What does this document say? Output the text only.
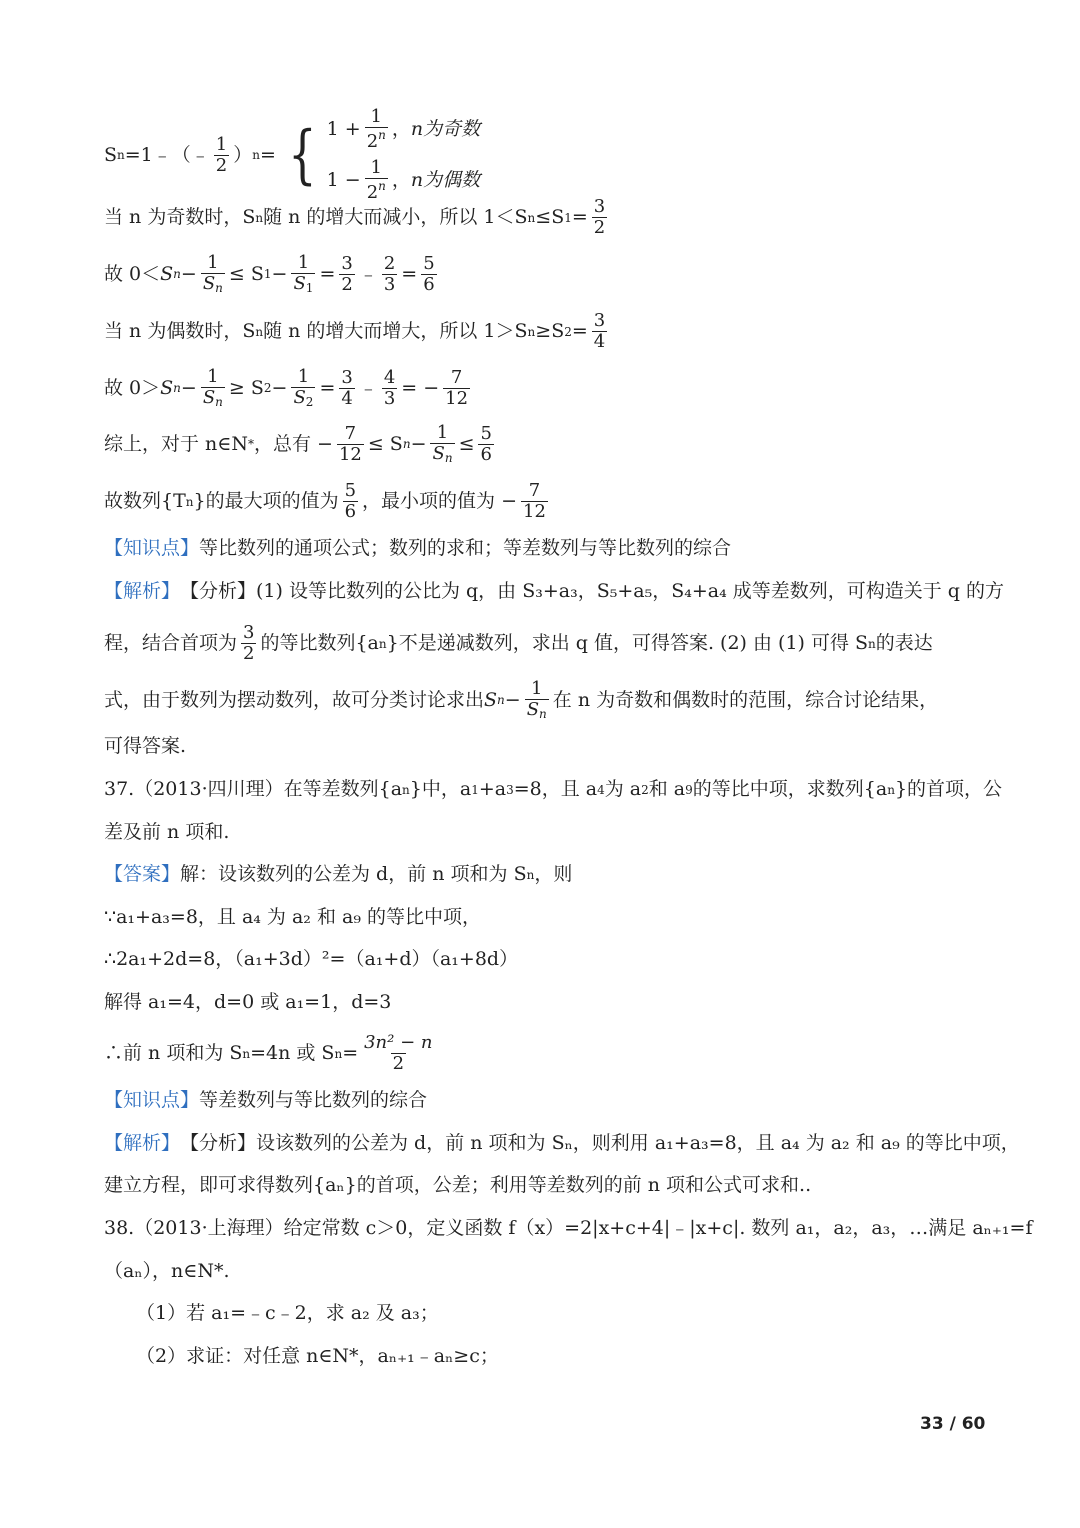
S n =1﹣（﹣ $\frac{1}{2}$ ） n = { $1 + \frac{1}{2^n}$ ， n为奇数
$1 - \frac{1}{2^n}$ ， n为偶数
当 n 为奇数时，S n 随 n 的增大而减小，所以 1＜S n ≤S $1 = \frac{3}{2}$
故 0＜ S $n - \frac{1}{S_n} \le S$ $1 - \frac{1}{S_1} = \frac{3}{2}$ ﹣ $\frac{2}{3} = \frac{5}{6}$
当 n 为偶数时，S n 随 n 的增大而增大，所以 1＞S n ≥S $2 = \frac{3}{4}$
故 0＞ S $n - \frac{1}{S_n} \ge S$ $2 - \frac{1}{S_2} = \frac{3}{4}$ ﹣ $\frac{4}{3}$ = − $\frac{7}{12}$
综上，对于 n∈N * ，总有 − $\frac{7}{12} \le S$ $n - \frac{1}{S_n} \le \frac{5}{6}$
故数列{T n }的最大项的值为 $\frac{5}{6}$ ，最小项的值为 − $\frac{7}{12}$
【知识点】 等比数列的通项公式；数列的求和；等差数列与等比数列的综合
【解析】 【分析】(1) 设等比数列的公比为 q，由 S₃+a₃，S₅+a₅，S₄+a₄ 成等差数列，可构造关于 q 的方
程，结合首项为 $\frac{3}{2}$ 的等比数列{a n }不是递减数列，求出 q 值，可得答案. (2) 由 (1) 可得 S n 的表达
式，由于数列为摆动数列，故可分类讨论求出 S $n - \frac{1}{S_n}$ 在 n 为奇数和偶数时的范围，综合讨论结果，
可得答案.
37.（2013·四川理）在等差数列{a n }中，a 1 +a 3 =8，且 a 4 为 a 2 和 a 9 的等比中项，求数列{a n }的首项，公
差及前 n 项和.
【答案】 解：设该数列的公差为 d，前 n 项和为 S n ，则
∵a₁+a₃=8，且 a₄ 为 a₂ 和 a₉ 的等比中项，
∴2a₁+2d=8，（a₁+3d）²=（a₁+d）（a₁+8d）
解得 a₁=4，d=0 或 a₁=1，d=3
∴前 n 项和为 S n =4n 或 S $n = \frac{\text{3n² − n}}{2}$
【知识点】 等差数列与等比数列的综合
【解析】 【分析】设该数列的公差为 d，前 n 项和为 Sₙ，则利用 a₁+a₃=8，且 a₄ 为 a₂ 和 a₉ 的等比中项，
建立方程，即可求得数列{aₙ}的首项，公差；利用等差数列的前 n 项和公式可求和..
38.（2013·上海理）给定常数 c＞0，定义函数 f（x）=2|x+c+4|﹣|x+c|. 数列 a₁，a₂，a₃，…满足 aₙ₊₁=f
（aₙ），n∈N*.
（1）若 a₁=﹣c﹣2，求 a₂ 及 a₃；
（2）求证：对任意 n∈N*，aₙ₊₁﹣aₙ≥c；
33 / 60
